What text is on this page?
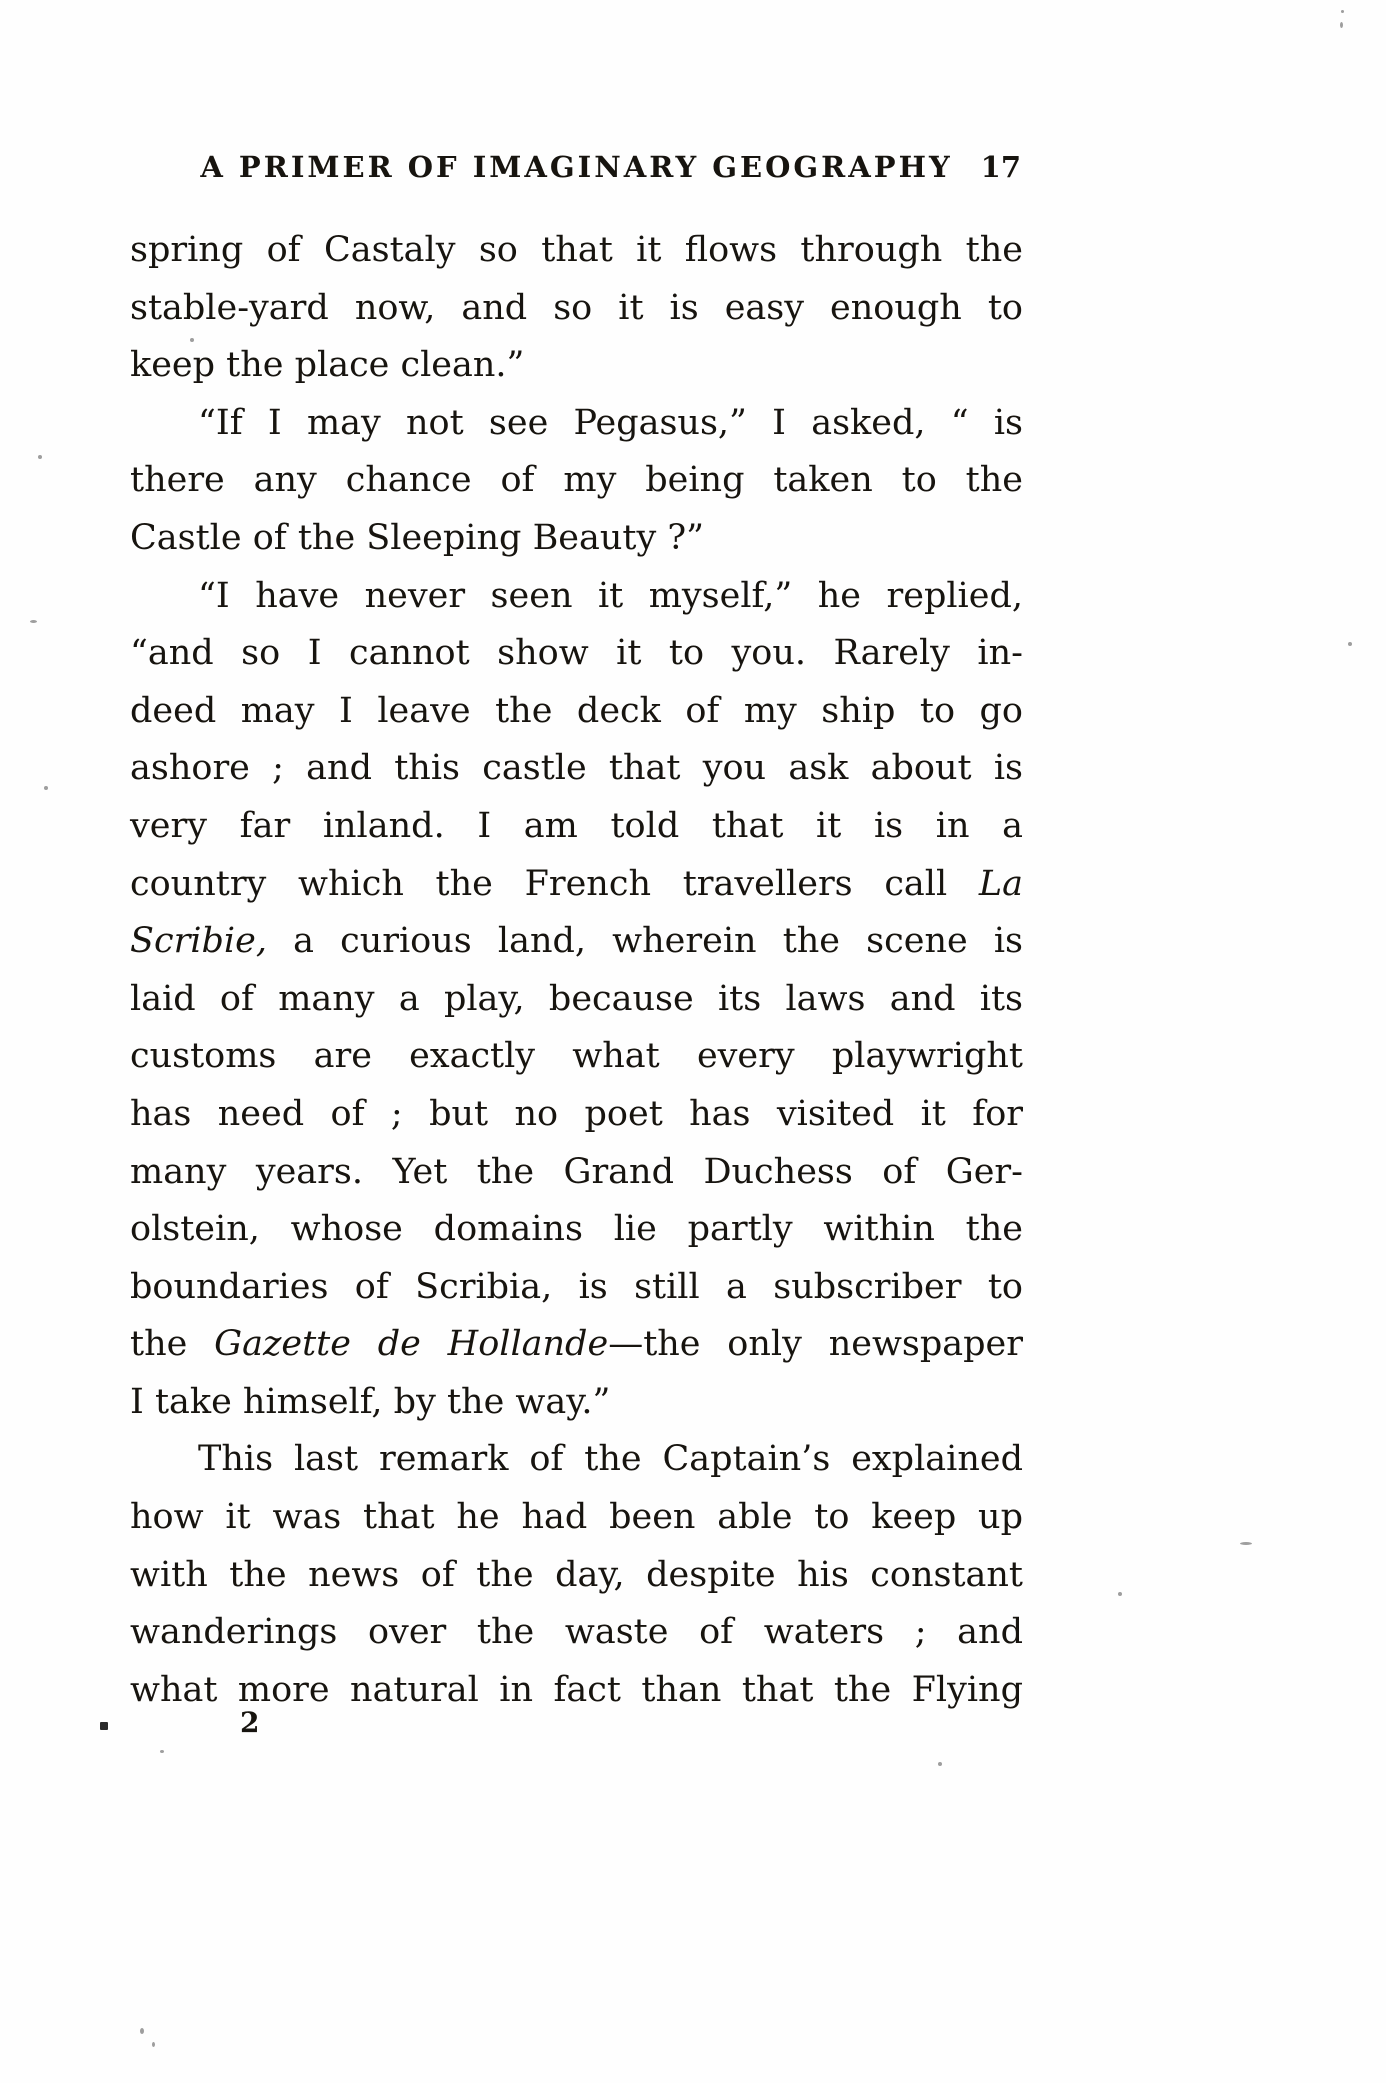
A PRIMER OF IMAGINARY GEOGRAPHY 17
spring of Castaly so that it flows through the
stable-yard now, and so it is easy enough to
keep the place clean.”
“If I may not see Pegasus,” I asked, “ is
there any chance of my being taken to the
Castle of the Sleeping Beauty ?”
“I have never seen it myself,” he replied,
“and so I cannot show it to you. Rarely in-
deed may I leave the deck of my ship to go
ashore ; and this castle that you ask about is
very far inland. I am told that it is in a
country which the French travellers call La
Scribie, a curious land, wherein the scene is
laid of many a play, because its laws and its
customs are exactly what every playwright
has need of ; but no poet has visited it for
many years. Yet the Grand Duchess of Ger-
olstein, whose domains lie partly within the
boundaries of Scribia, is still a subscriber to
the Gazette de Hollande—the only newspaper
I take himself, by the way.”
This last remark of the Captain’s explained
how it was that he had been able to keep up
with the news of the day, despite his constant
wanderings over the waste of waters ; and
what more natural in fact than that the Flying
2
